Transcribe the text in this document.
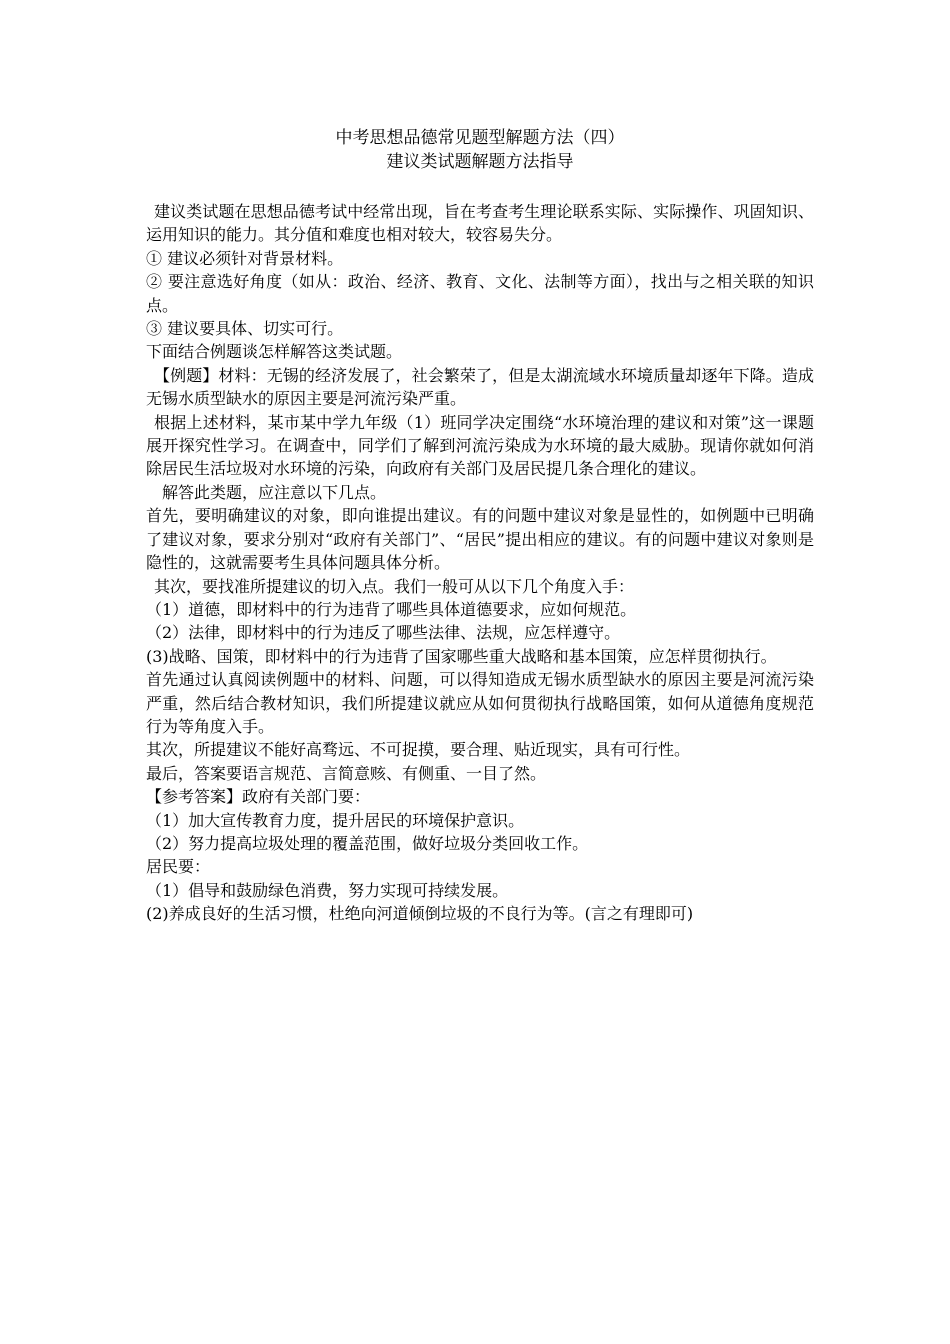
中考思想品德常见题型解题方法（四）
建议类试题解题方法指导

建议类试题在思想品德考试中经常出现，旨在考查考生理论联系实际、实际操作、巩固知识、运用知识的能力。其分值和难度也相对较大，较容易失分。

① 建议必须针对背景材料。

② 要注意选好角度（如从：政治、经济、教育、文化、法制等方面），找出与之相关联的知识点。

③ 建议要具体、切实可行。

下面结合例题谈怎样解答这类试题。

【例题】材料：无锡的经济发展了，社会繁荣了，但是太湖流域水环境质量却逐年下降。造成无锡水质型缺水的原因主要是河流污染严重。

根据上述材料，某市某中学九年级（1）班同学决定围绕“水环境治理的建议和对策”这一课题展开探究性学习。在调查中，同学们了解到河流污染成为水环境的最大威胁。现请你就如何消除居民生活垃圾对水环境的污染，向政府有关部门及居民提几条合理化的建议。

解答此类题，应注意以下几点。

首先，要明确建议的对象，即向谁提出建议。有的问题中建议对象是显性的，如例题中已明确了建议对象，要求分别对“政府有关部门”、“居民”提出相应的建议。有的问题中建议对象则是隐性的，这就需要考生具体问题具体分析。

其次，要找准所提建议的切入点。我们一般可从以下几个角度入手：

（1）道德，即材料中的行为违背了哪些具体道德要求，应如何规范。

（2）法律，即材料中的行为违反了哪些法律、法规，应怎样遵守。

(3)战略、国策，即材料中的行为违背了国家哪些重大战略和基本国策，应怎样贯彻执行。

首先通过认真阅读例题中的材料、问题，可以得知造成无锡水质型缺水的原因主要是河流污染严重，然后结合教材知识，我们所提建议就应从如何贯彻执行战略国策，如何从道德角度规范行为等角度入手。

其次，所提建议不能好高骛远、不可捉摸，要合理、贴近现实，具有可行性。

最后，答案要语言规范、言简意赅、有侧重、一目了然。

【参考答案】政府有关部门要：

（1）加大宣传教育力度，提升居民的环境保护意识。

（2）努力提高垃圾处理的覆盖范围，做好垃圾分类回收工作。

居民要：

（1）倡导和鼓励绿色消费，努力实现可持续发展。

(2)养成良好的生活习惯，杜绝向河道倾倒垃圾的不良行为等。(言之有理即可)
